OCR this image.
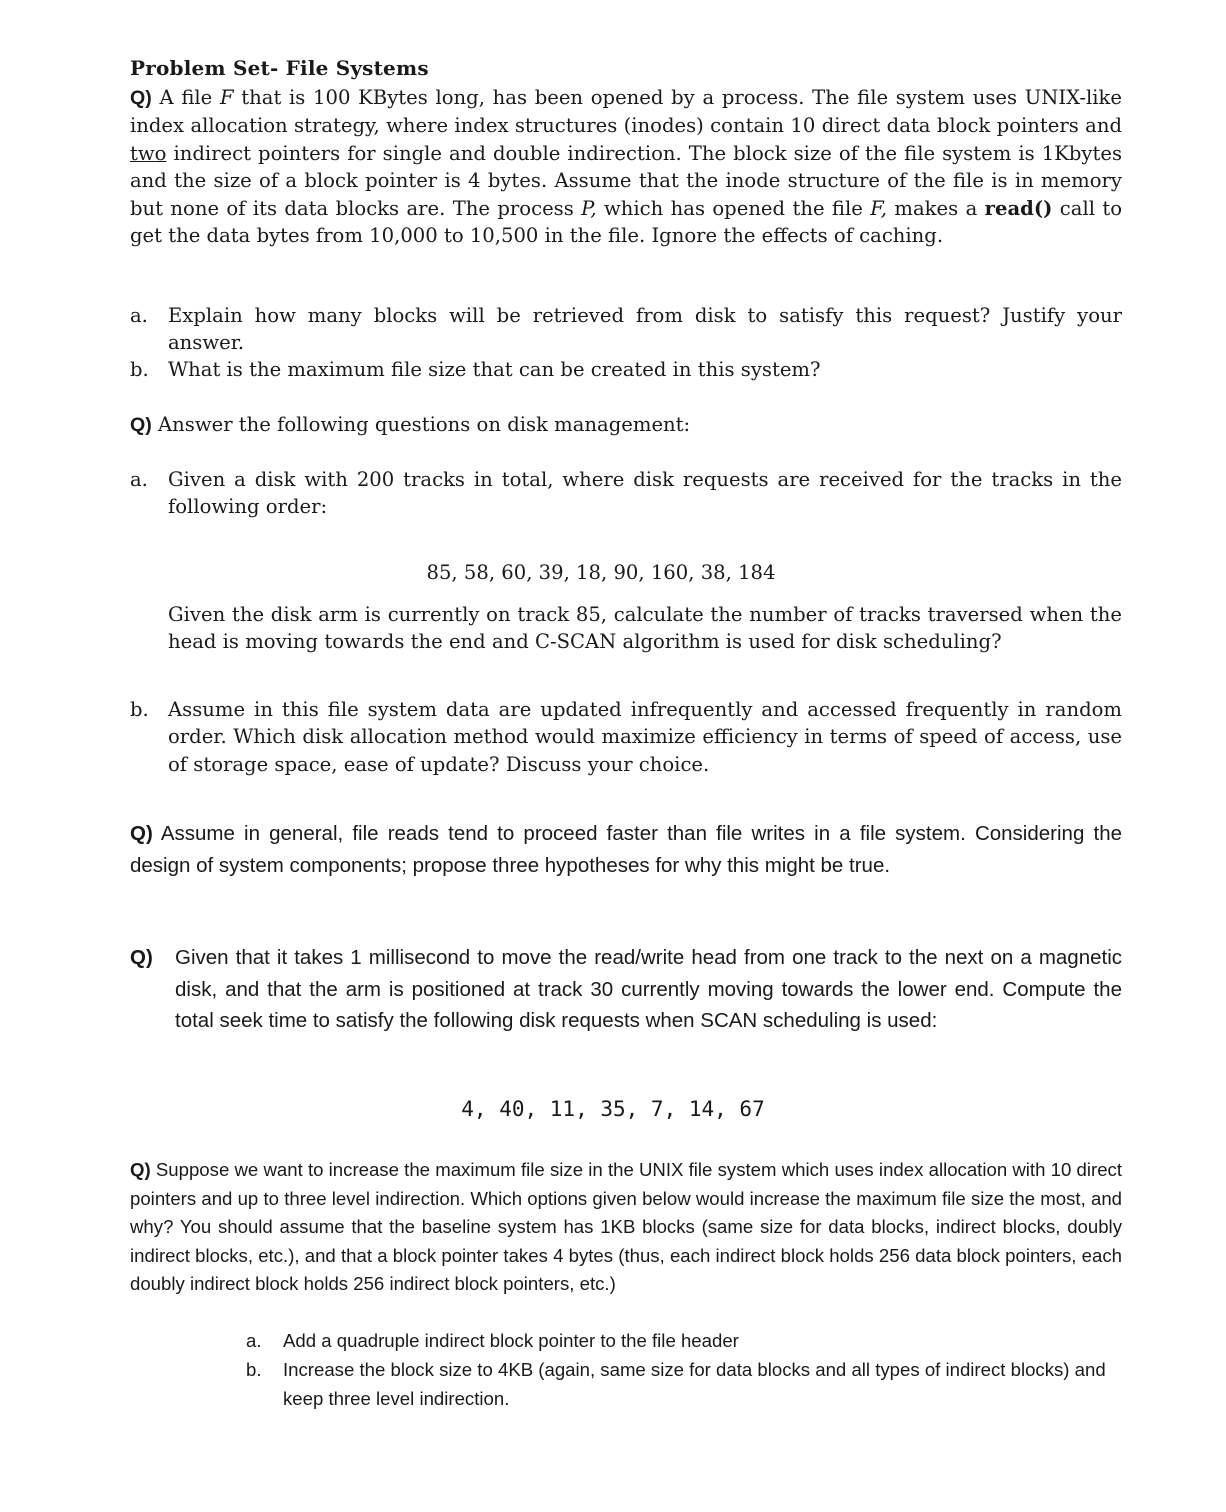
Problem Set- File Systems
Q) A file F that is 100 KBytes long, has been opened by a process. The file system uses UNIX-like index allocation strategy, where index structures (inodes) contain 10 direct data block pointers and two indirect pointers for single and double indirection. The block size of the file system is 1Kbytes and the size of a block pointer is 4 bytes. Assume that the inode structure of the file is in memory but none of its data blocks are. The process P, which has opened the file F, makes a read() call to get the data bytes from 10,000 to 10,500 in the file. Ignore the effects of caching.
a. Explain how many blocks will be retrieved from disk to satisfy this request? Justify your answer.
b. What is the maximum file size that can be created in this system?
Q) Answer the following questions on disk management:
a. Given a disk with 200 tracks in total, where disk requests are received for the tracks in the following order:
85, 58, 60, 39, 18, 90, 160, 38, 184
Given the disk arm is currently on track 85, calculate the number of tracks traversed when the head is moving towards the end and C-SCAN algorithm is used for disk scheduling?
b. Assume in this file system data are updated infrequently and accessed frequently in random order. Which disk allocation method would maximize efficiency in terms of speed of access, use of storage space, ease of update? Discuss your choice.
Q) Assume in general, file reads tend to proceed faster than file writes in a file system. Considering the design of system components; propose three hypotheses for why this might be true.
Q) Given that it takes 1 millisecond to move the read/write head from one track to the next on a magnetic disk, and that the arm is positioned at track 30 currently moving towards the lower end. Compute the total seek time to satisfy the following disk requests when SCAN scheduling is used:
4, 40, 11, 35, 7, 14, 67
Q) Suppose we want to increase the maximum file size in the UNIX file system which uses index allocation with 10 direct pointers and up to three level indirection. Which options given below would increase the maximum file size the most, and why? You should assume that the baseline system has 1KB blocks (same size for data blocks, indirect blocks, doubly indirect blocks, etc.), and that a block pointer takes 4 bytes (thus, each indirect block holds 256 data block pointers, each doubly indirect block holds 256 indirect block pointers, etc.)
a. Add a quadruple indirect block pointer to the file header
b. Increase the block size to 4KB (again, same size for data blocks and all types of indirect blocks) and keep three level indirection.
